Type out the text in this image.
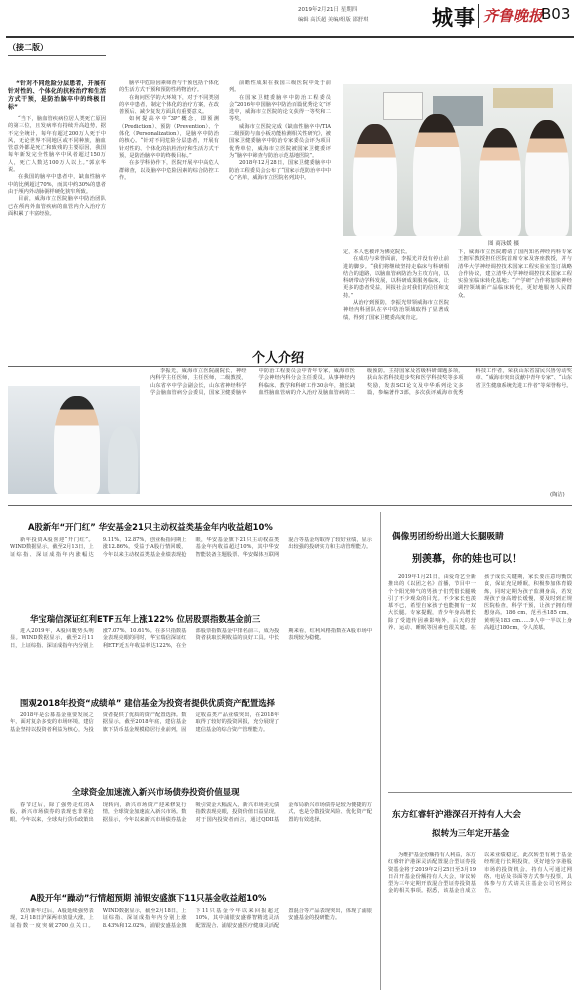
2019年2月21日 星期四
编辑 高沃超 美编/组版 邵舒琪	城事 齐鲁晚报
B03
（接二版）

“针对不同危险分层患者，开展有针对性的、个体化的抗栓治疗和生活方式干预，是防治脑卒中的终极目标”

“当下，脑血管疾病位居人类死亡原因的第三位，且发病率有持续升高趋势，据不完全统计，每年有超过200万人死于中风，无论世界不同地区或不同种族，脑血管意外都是死亡和致残的主要原因，我国每年新发完全性脑卒中风者超过150万人，死亡人数达100万人以上。”郭京华说。

在我国的脑卒中患者中，缺血性脑卒中的比例超过70%，而其中约30%的患者由于颅内外动脉粥样硬化狭窄所致。

目前，威海市立医院脑卒中防治团队已在颅内外血管疾病的血管内介入治疗方面积累了丰富经验。

脑卒中危险因素筛查与干预包括个体化的生活方式干预和预防性药物治疗。

在询问医学的大环境下，对于不同类别的卒中患者，制定个体化的治疗方案，在改善预后、减少复发方面具有重要意义。

如何提高卒中“3P”概念，即预测（Prediction）、预防（Prevention）、个体化（Personalization），是脑卒中防治的核心。“针对不同危险分层患者，开展有针对性的、个体化的抗栓治疗和生活方式干预，是防治脑卒中的终极目标。”

在多学科协作下，医院开展卒中高危人群筛查，以及脑卒中危险因素的综合防控工作。

前瞻性成果在我国三级医院中处于前列。

在国家卫健委脑卒中防治工程委员会“2016年中国脑卒中防治百篇优秀论文”评选中，威海市立医院的论文获得一等奖和二等奖。

威海市立医院完成《缺血性脑卒中/TIA二级预防与血小板功能检测相关性研究》，被国家卫健委脑卒中防治专家委员会评为项目优秀单位，威海市立医院被国家卫健委评为“脑卒中筛查与防治示范基地医院”。

2018年12月28日，国家卫健委脑卒中防治工程委员会公布了“国家示范防治卒中中心”名单，威海市立医院名列其中。

图 商泳媛 摄

定，本人也被评为佛克院长。

在成功与荣誉面前，李振光并没有停止前进的脚步。“我们将继续坚持走临床与科研相结合的道路，以脑血管病防治为主攻方向，以科研带动学科发展，以科研成果服务临床，让更多的患者受益，回报社会对我们的信任和支持。”

从治疗到预防，李振光带领威海市立医院神经内科团队在卒中防治领域取得了显著成绩，得到了国家卫健委高度肯定。

下，威海市立医院聘请了国内知名神经内科专家王拥军教授担任医院首席专家及客座教授，并与清华大学神经调控技术国家工程实验室签订战略合作协议，建立清华大学神经调控技术国家工程实验室临床转化基地；“产学研”合作将加快神经调控领域新产品临床转化，更好地服务人民群众。

个人介绍

李振光，威海市立医院副院长，神经内科学主任医师，主任医师，二级教授，山东省卒中学会副会长，山东省神经科学学会脑血管病分会委员，国家卫健委脑卒中防治工程委员会中青年专家，威海市医学会神经内科分会主任委员。从事神经内科临床、教学和科研工作30余年，擅长缺血性脑血管病的介入治疗及脑血管病的二级预防。主持国家及省级科研课题多项，获山东省科技进步奖和医学科技奖等多项奖励，发表SCI论文及中华系列论文多篇，参编著作3部，多次获评威海市优秀科技工作者，荣获山东省富民兴鲁劳动奖章、“威海市突出贡献中青年专家”、“山东省卫生健康系统先进工作者”等荣誉称号。

(陶洁)
A股新年“开门红” 华安基金21只主动权益类基金年内收益超10%

新年投资A股喜迎“开门红”。WIND数据显示，截至2月13日，上证综指、深证成指年内涨幅达9.11%、12.87%，创业板指同期上涨12.86%。受益于A股行情回暖，今年以来主动权益类基金业绩表现抢眼，华安基金旗下21只主动权益类基金年内收益超过10%，其中华安智能装备主题股票、华安媒体互联网混合等基金均取得了较好业绩，显示出较强的投研实力和主动管理能力。

华宝瑞信深证红利ETF五年上涨122% 位居股票指数基金前三

进入2019年，A股回暖势头明显。WIND数据显示，截至2月11日，上证综指、深证成指年内分别上涨7.07%、10.61%。在多只指数基金表现亮眼的同时，华宝瑞信深证红利ETF近五年收益率达122%，在全部股票指数基金中排名前三，成为投资者获取长期收益的良好工具。中长期来看，红利风格指数在A股市场中表现较为稳健。

围观2018年投资“成绩单” 建信基金为投资者提供优质资产配置选择

2018年是公募基金重要发展之年，面对复杂多变的市场环境，建信基金坚持以投资者利益为核心，为投资者提供了优质的资产配置选择。数据显示，截至2018年底，建信基金旗下货币基金规模稳居行业前列，固定收益类产品业绩突出，在2018年取得了较好的投资回报，充分展现了建信基金的综合资产管理能力。

全球资金加速流入新兴市场债券投资价值显现

春节过后，除了强势走红的A股，新兴市场债券的表现也非常抢眼。今年以来，全球央行货币政策出现转向，新兴市场资产迎来修复行情，全球资金加速流入新兴市场。数据显示，今年以来新兴市场债券基金吸引资金大幅流入，新兴市场美元债指数表现亮眼，投资价值日益显现，对于国内投资者而言，通过QDII基金布局新兴市场债券是较为便捷的方式，也是分散投资风险、优化资产配置的有效选择。

A股开年“躁动”行情超预期 浦银安盛旗下11只基金收益超10%

农历新年过后，A股延续强势表现，2月18日沪深两市放量大涨，上证指数一度突破2700点关口。WIND数据显示，截至2月18日，上证综指、深证成指年内分别上涨8.43%和12.02%，浦银安盛基金旗下11只基金今年以来回报超过10%，其中浦银安盛睿智精选灵活配置混合、浦银安盛医疗健康灵活配置混合等产品表现突出，体现了浦银安盛基金的投研能力。

偶像男团纷纷出道大长腿吸睛
别羡慕，你的娃也可以！

2019年1月21日，由爱奇艺全新推出的《以团之名》首播，节目中一个个阳光帅气的男孩子们凭借长腿吸引了不少观众的目光。不少家长也羡慕不已，希望自家孩子也能拥有一双大长腿。专家提醒，青少年身高增长除了受遗传因素影响外，后天的营养、运动、睡眠等因素也很关键。在孩子成长关键期，家长要注意均衡饮食，保证充足睡眠，积极参加体育锻炼，同时定期为孩子监测身高，若发现孩子身高增长缓慢，要及时到正规医院检查，科学干预，让孩子拥有理想身高。186 cm、范丞丞185 cm、黄明昊183 cm……9人中一半以上身高超过180cm，令人羡慕。

东方红睿轩沪港深召开持有人大会
拟转为三年定开基金

为维护基金份额持有人利益，东方红睿轩沪港深灵活配置混合型证券投资基金将于2019年2月25日至3月19日召开基金份额持有人大会，审议转型为三年定期开放混合型证券投资基金的相关事项。据悉，该基金自成立以来业绩稳定，此次转型有利于基金经理进行长期投资，更好地分享港股市场的投资机会。持有人可通过网络、电话及书面等方式参与投票，具体参与方式请关注基金公司官网公告。
